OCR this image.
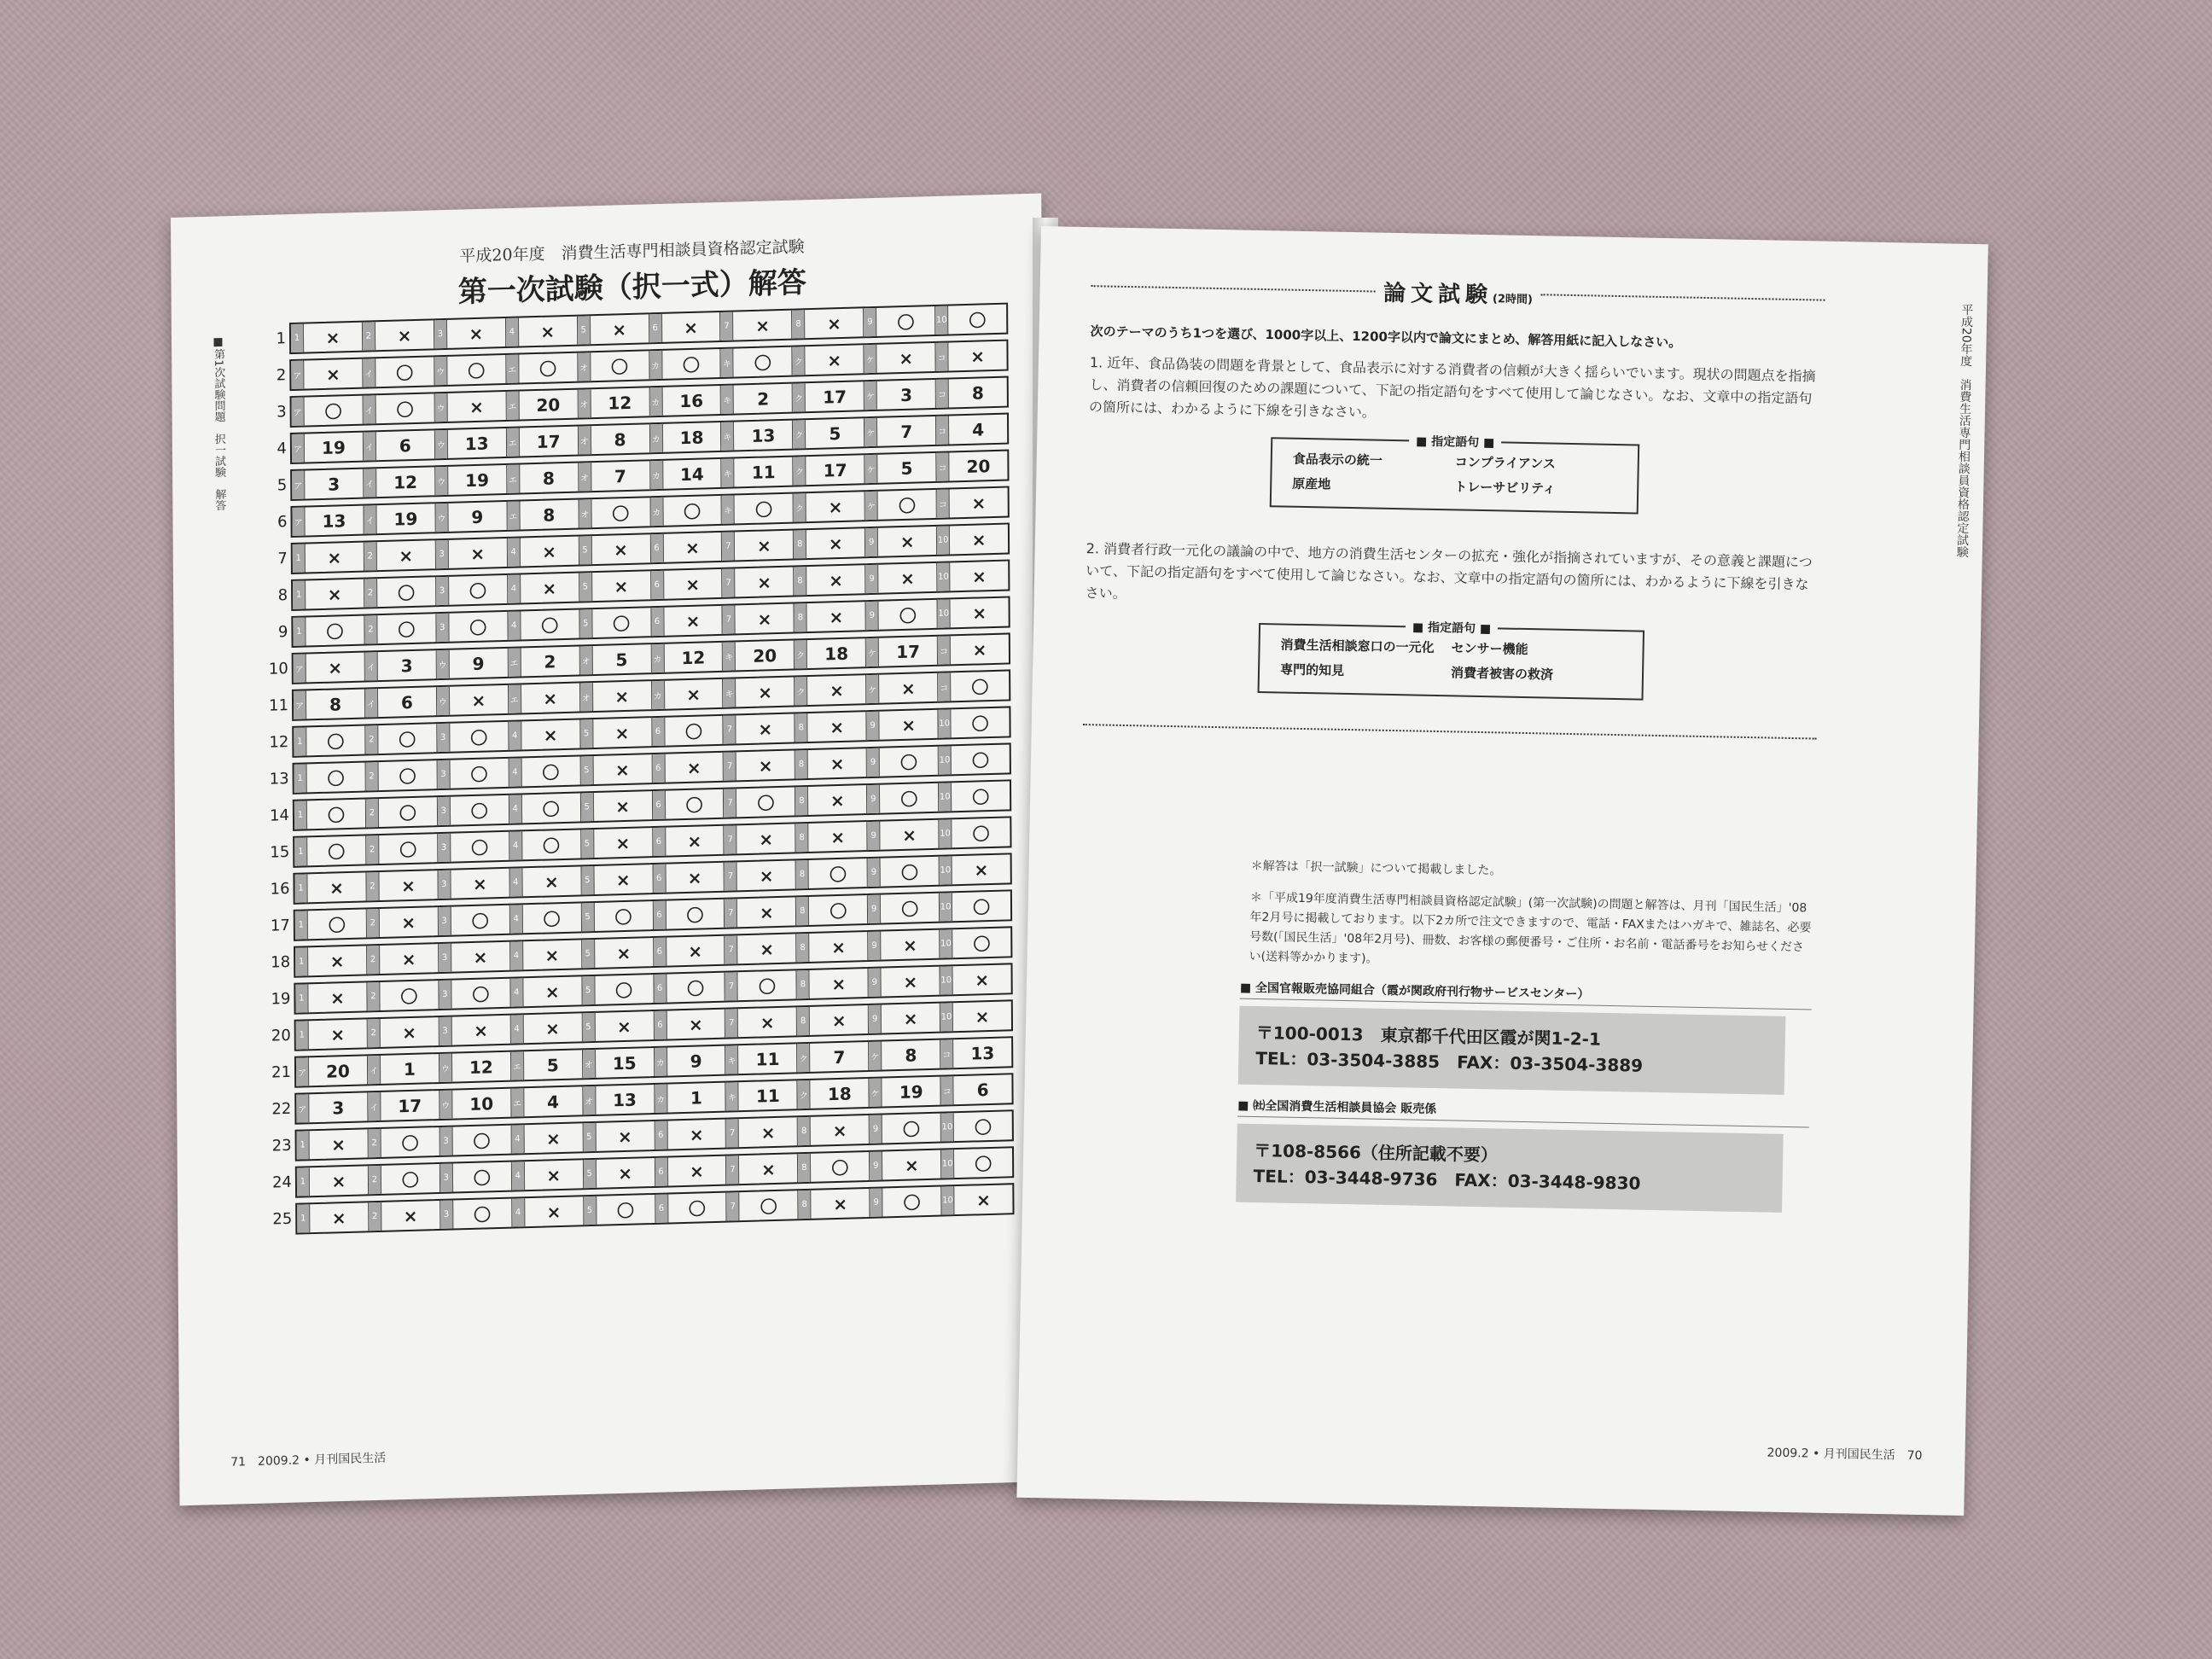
■第1次試験問題　択一試験　解答
平成20年度　消費生活専門相談員資格認定試験
第一次試験（択一式）解答
1 1	×	2	×	3	×	4	×	5	×	6	×	7	×	8	×	9	〇	10	〇
2 ア	×	イ	〇	ウ	〇	エ	〇	オ	〇	カ	〇	キ	〇	ク	×	ケ	×	コ	×
3 ア	〇	イ	〇	ウ	×	エ	20	オ	12	カ	16	キ	2	ク	17	ケ	3	コ	8
4 ア	19	イ	6	ウ	13	エ	17	オ	8	カ	18	キ	13	ク	5	ケ	7	コ	4
5 ア	3	イ	12	ウ	19	エ	8	オ	7	カ	14	キ	11	ク	17	ケ	5	コ	20
6 ア	13	イ	19	ウ	9	エ	8	オ	〇	カ	〇	キ	〇	ク	×	ケ	〇	コ	×
7 1	×	2	×	3	×	4	×	5	×	6	×	7	×	8	×	9	×	10	×
8 1	×	2	〇	3	〇	4	×	5	×	6	×	7	×	8	×	9	×	10	×
9 1	〇	2	〇	3	〇	4	〇	5	〇	6	×	7	×	8	×	9	〇	10	×
10 ア	×	イ	3	ウ	9	エ	2	オ	5	カ	12	キ	20	ク	18	ケ	17	コ	×
11 ア	8	イ	6	ウ	×	エ	×	オ	×	カ	×	キ	×	ク	×	ケ	×	コ	〇
12 1	〇	2	〇	3	〇	4	×	5	×	6	〇	7	×	8	×	9	×	10	〇
13 1	〇	2	〇	3	〇	4	〇	5	×	6	×	7	×	8	×	9	〇	10	〇
14 1	〇	2	〇	3	〇	4	〇	5	×	6	〇	7	〇	8	×	9	〇	10	〇
15 1	〇	2	〇	3	〇	4	〇	5	×	6	×	7	×	8	×	9	×	10	〇
16 1	×	2	×	3	×	4	×	5	×	6	×	7	×	8	〇	9	〇	10	×
17 1	〇	2	×	3	〇	4	〇	5	〇	6	〇	7	×	8	〇	9	〇	10	〇
18 1	×	2	×	3	×	4	×	5	×	6	×	7	×	8	×	9	×	10	〇
19 1	×	2	〇	3	〇	4	×	5	〇	6	〇	7	〇	8	×	9	×	10	×
20 1	×	2	×	3	×	4	×	5	×	6	×	7	×	8	×	9	×	10	×
21 ア	20	イ	1	ウ	12	エ	5	オ	15	カ	9	キ	11	ク	7	ケ	8	コ	13
22 ア	3	イ	17	ウ	10	エ	4	オ	13	カ	1	キ	11	ク	18	ケ	19	コ	6
23 1	×	2	〇	3	〇	4	×	5	×	6	×	7	×	8	×	9	〇	10	〇
24 1	×	2	〇	3	〇	4	×	5	×	6	×	7	×	8	〇	9	×	10	〇
25 1	×	2	×	3	〇	4	×	5	〇	6	〇	7	〇	8	×	9	〇	10	×
71　2009.2 • 月刊国民生活
平成20年度　消費生活専門相談員資格認定試験
論文試験(2時間)
次のテーマのうち1つを選び、1000字以上、1200字以内で論文にまとめ、解答用紙に記入しなさい。
1. 近年、食品偽装の問題を背景として、食品表示に対する消費者の信頼が大きく揺らいでいます。現状の問題点を指摘し、消費者の信頼回復のための課題について、下記の指定語句をすべて使用して論じなさい。なお、文章中の指定語句の箇所には、わかるように下線を引きなさい。
■ 指定語句 ■
食品表示の統一	コンプライアンス
原産地	トレーサビリティ
2. 消費者行政一元化の議論の中で、地方の消費生活センターの拡充・強化が指摘されていますが、その意義と課題について、下記の指定語句をすべて使用して論じなさい。なお、文章中の指定語句の箇所には、わかるように下線を引きなさい。
■ 指定語句 ■
消費生活相談窓口の一元化	センサー機能
専門的知見	消費者被害の救済
＊解答は「択一試験」について掲載しました。
＊「平成19年度消費生活専門相談員資格認定試験」(第一次試験)の問題と解答は、月刊「国民生活」'08年2月号に掲載しております。以下2カ所で注文できますので、電話・FAXまたはハガキで、雑誌名、必要号数(「国民生活」'08年2月号)、冊数、お客様の郵便番号・ご住所・お名前・電話番号をお知らせください(送料等かかります)。
■ 全国官報販売協同組合（霞が関政府刊行物サービスセンター）
〒100-0013　東京都千代田区霞が関1-2-1
TEL：03-3504-3885　FAX：03-3504-3889
■ ㈳全国消費生活相談員協会 販売係
〒108-8566（住所記載不要）
TEL：03-3448-9736　FAX：03-3448-9830
2009.2 • 月刊国民生活　70
